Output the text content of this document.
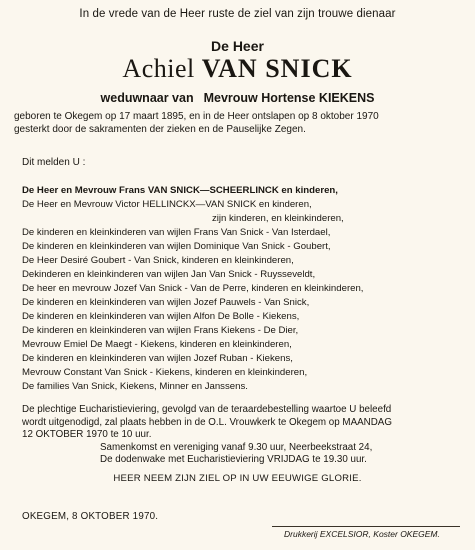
In de vrede van de Heer ruste de ziel van zijn trouwe dienaar
De Heer
Achiel VAN SNICK
weduwnaar van Mevrouw Hortense KIEKENS
geboren te Okegem op 17 maart 1895, en in de Heer ontslapen op 8 oktober 1970
gesterkt door de sakramenten der zieken en de Pauselijke Zegen.
Dit melden U :
De Heer en Mevrouw Frans VAN SNICK—SCHEERLINCK en kinderen,
De Heer en Mevrouw Victor HELLINCKX—VAN SNICK en kinderen,
zijn kinderen, en kleinkinderen,
De kinderen en kleinkinderen van wijlen Frans Van Snick - Van Isterdael,
De kinderen en kleinkinderen van wijlen Dominique Van Snick - Goubert,
De Heer Desiré Goubert - Van Snick, kinderen en kleinkinderen,
Dekinderen en kleinkinderen van wijlen Jan Van Snick - Ruysseveldt,
De heer en mevrouw Jozef Van Snick - Van de Perre, kinderen en kleinkinderen,
De kinderen en kleinkinderen van wijlen Jozef Pauwels - Van Snick,
De kinderen en kleinkinderen van wijlen Alfon De Bolle - Kiekens,
De kinderen en kleinkinderen van wijlen Frans Kiekens - De Dier,
Mevrouw Emiel De Maegt - Kiekens, kinderen en kleinkinderen,
De kinderen en kleinkinderen van wijlen Jozef Ruban - Kiekens,
Mevrouw Constant Van Snick - Kiekens, kinderen en kleinkinderen,
De families Van Snick, Kiekens, Minner en Janssens.
De plechtige Eucharistieviering, gevolgd van de teraardebestelling waartoe U beleefd
wordt uitgenodigd, zal plaats hebben in de O.L. Vrouwkerk te Okegem op MAANDAG
12 OKTOBER 1970 te 10 uur.
Samenkomst en vereniging vanaf 9.30 uur, Neerbeekstraat 24,
De dodenwake met Eucharistieviering VRIJDAG te 19.30 uur.
HEER NEEM ZIJN ZIEL OP IN UW EEUWIGE GLORIE.
OKEGEM, 8 OKTOBER 1970.
Drukkerij EXCELSIOR, Koster OKEGEM.
